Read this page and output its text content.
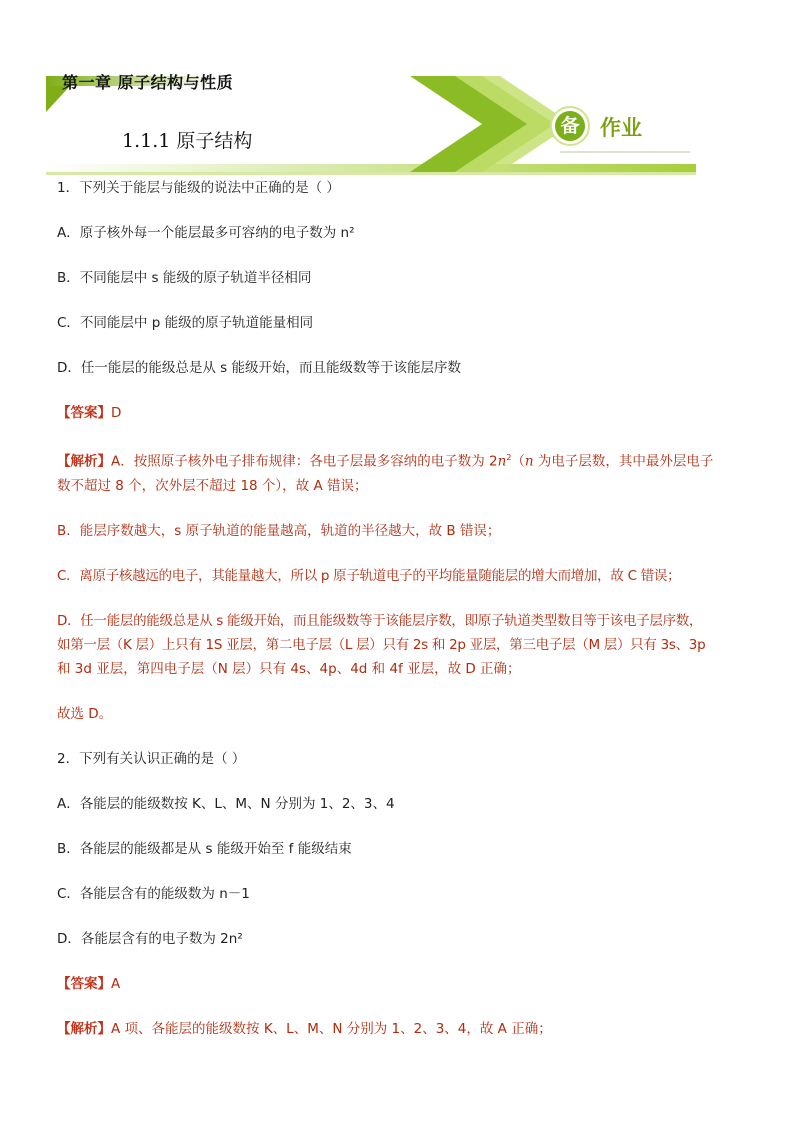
第一章 原子结构与性质
1.1.1 原子结构
备 作业

1．下列关于能层与能级的说法中正确的是（ ）

A．原子核外每一个能层最多可容纳的电子数为 n²

B．不同能层中 s 能级的原子轨道半径相同

C．不同能层中 p 能级的原子轨道能量相同

D．任一能层的能级总是从 s 能级开始，而且能级数等于该能层序数

【答案】D

【解析】A．按照原子核外电子排布规律：各电子层最多容纳的电子数为 $2n^2(n$ 为电子层数，其中最外层电子

数不超过 8 个，次外层不超过 18 个），故 A 错误；

B．能层序数越大，s 原子轨道的能量越高，轨道的半径越大，故 B 错误；

C．离原子核越远的电子，其能量越大，所以 p 原子轨道电子的平均能量随能层的增大而增加，故 C 错误；

D．任一能层的能级总是从 s 能级开始，而且能级数等于该能层序数，即原子轨道类型数目等于该电子层序数，

如第一层（K 层）上只有 1S 亚层，第二电子层（L 层）只有 2s 和 2p 亚层，第三电子层（M 层）只有 3s、3p

和 3d 亚层，第四电子层（N 层）只有 4s、4p、4d 和 4f 亚层，故 D 正确；

故选 D。

2．下列有关认识正确的是（ ）

A．各能层的能级数按 K、L、M、N 分别为 1、2、3、4

B．各能层的能级都是从 s 能级开始至 f 能级结束

C．各能层含有的能级数为 n－1

D．各能层含有的电子数为 2n²

【答案】A

【解析】A 项、各能层的能级数按 K、L、M、N 分别为 1、2、3、4，故 A 正确；
